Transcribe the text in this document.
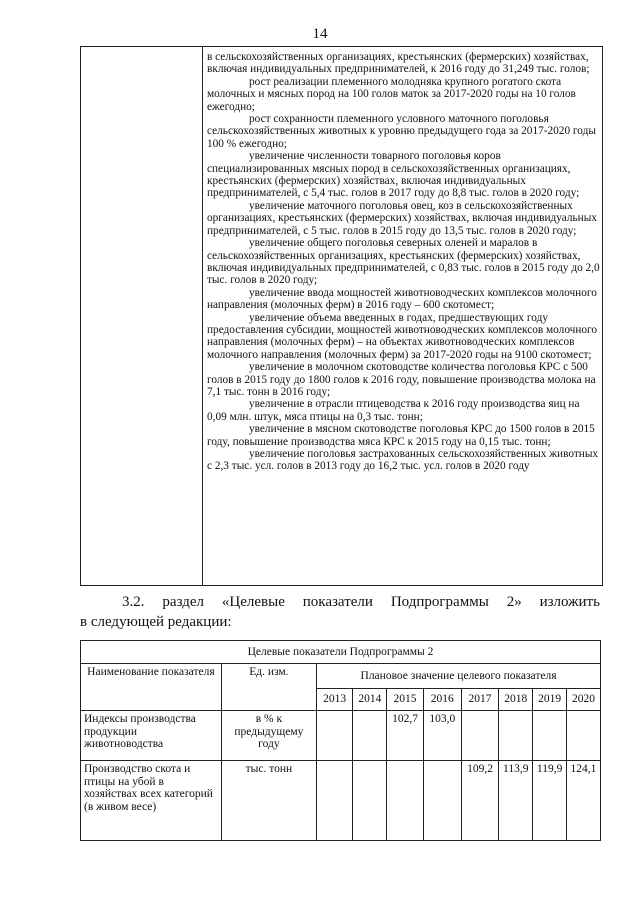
14

в сельскохозяйственных организациях, крестьянских (фермерских) хозяйствах, включая индивидуальных предпринимателей, к 2016 году до 31,249 тыс. голов;

рост реализации племенного молодняка крупного рогатого скота молочных и мясных пород на 100 голов маток за 2017-2020 годы на 10 голов ежегодно;

рост сохранности племенного условного маточного поголовья сельскохозяйственных животных к уровню предыдущего года за 2017-2020 годы 100 % ежегодно;

увеличение численности товарного поголовья коров специализированных мясных пород в сельскохозяйственных организациях, крестьянских (фермерских) хозяйствах, включая индивидуальных предпринимателей, с 5,4 тыс. голов в 2017 году до 8,8 тыс. голов в 2020 году;

увеличение маточного поголовья овец, коз в сельскохозяйственных организациях, крестьянских (фермерских) хозяйствах, включая индивидуальных предпринимателей, с 5 тыс. голов в 2015 году до 13,5 тыс. голов в 2020 году;

увеличение общего поголовья северных оленей и маралов в сельскохозяйственных организациях, крестьянских (фермерских) хозяйствах, включая индивидуальных предпринимателей, с 0,83 тыс. голов в 2015 году до 2,0 тыс. голов в 2020 году;

увеличение ввода мощностей животноводческих комплексов молочного направления (молочных ферм) в 2016 году – 600 скотомест;

увеличение объема введенных в годах, предшествующих году предоставления субсидии, мощностей животноводческих комплексов молочного направления (молочных ферм) – на объектах животноводческих комплексов молочного направления (молочных ферм) за 2017-2020 годы на 9100 скотомест;

увеличение в молочном скотоводстве количества поголовья КРС с 500 голов в 2015 году до 1800 голов к 2016 году, повышение производства молока на 7,1 тыс. тонн в 2016 году;

увеличение в отрасли птицеводства к 2016 году производства яиц на 0,09 млн. штук, мяса птицы на 0,3 тыс. тонн;

увеличение в мясном скотоводстве поголовья КРС до 1500 голов в 2015 году, повышение производства мяса КРС к 2015 году на 0,15 тыс. тонн;

увеличение поголовья застрахованных сельскохозяйственных животных с 2,3 тыс. усл. голов в 2013 году до 16,2 тыс. усл. голов в 2020 году

3.2. раздел «Целевые показатели Подпрограммы 2» изложить
в следующей редакции:
Целевые показатели Подпрограммы 2									
Наименование показателя	Ед. изм.	Плановое значение целевого показателя							
		2013	2014	2015	2016	2017	2018	2019	2020
Индексы производства продукции животноводства	в % к предыдущему году			102,7	103,0				
Производство скота и птицы на убой в хозяйствах всех категорий (в живом весе)	тыс. тонн					109,2	113,9	119,9	124,1
